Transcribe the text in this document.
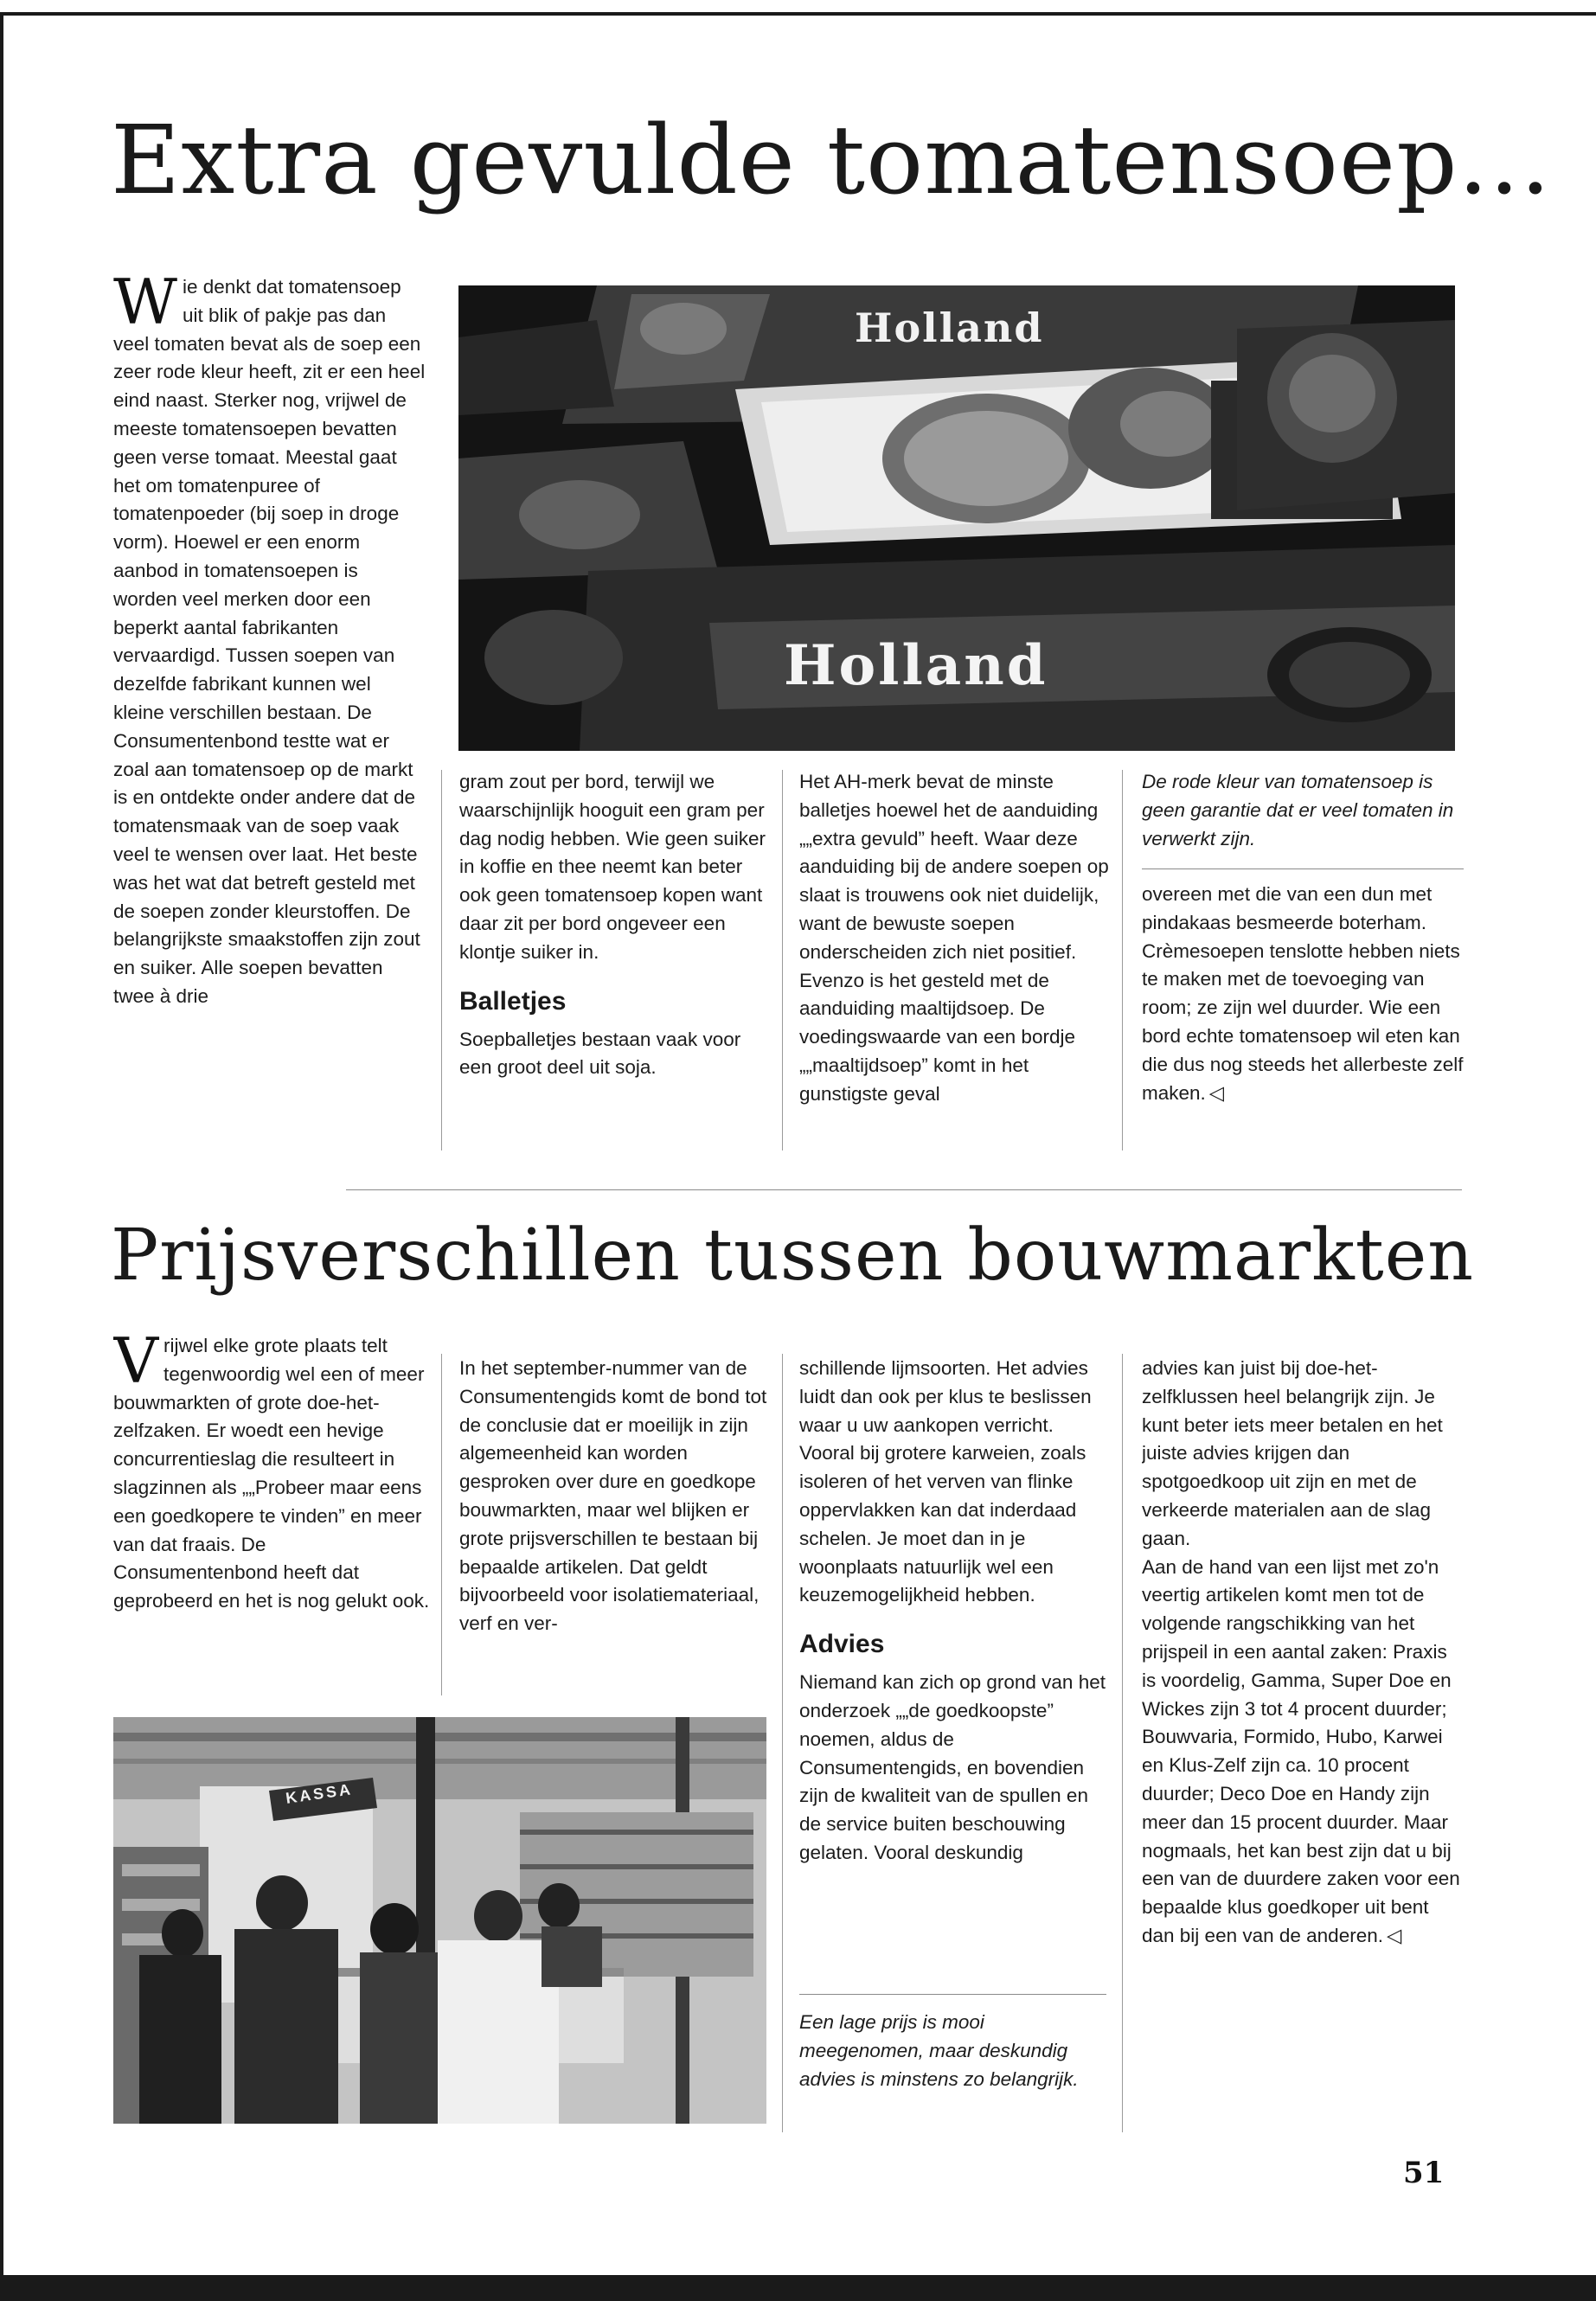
Extra gevulde tomatensoep...
W ie denkt dat tomatensoep uit blik of pakje pas dan veel tomaten bevat als de soep een zeer rode kleur heeft, zit er een heel eind naast. Sterker nog, vrijwel de meeste tomatensoepen bevatten geen verse tomaat. Meestal gaat het om tomatenpuree of tomatenpoeder (bij soep in droge vorm). Hoewel er een enorm aanbod in tomatensoepen is worden veel merken door een beperkt aantal fabrikanten vervaardigd. Tussen soepen van dezelfde fabrikant kunnen wel kleine verschillen bestaan. De Consumentenbond testte wat er zoal aan tomatensoep op de markt is en ontdekte onder andere dat de tomatensmaak van de soep vaak veel te wensen over laat. Het beste was het wat dat betreft gesteld met de soepen zonder kleurstoffen. De belangrijkste smaakstoffen zijn zout en suiker. Alle soepen bevatten twee à drie

Holland
Holland

gram zout per bord, terwijl we waarschijnlijk hooguit een gram per dag nodig hebben. Wie geen suiker in koffie en thee neemt kan beter ook geen tomatensoep kopen want daar zit per bord ongeveer een klontje suiker in.

Balletjes

Soepballetjes bestaan vaak voor een groot deel uit soja.

Het AH-merk bevat de minste balletjes hoewel het de aanduiding „„extra gevuld” heeft. Waar deze aanduiding bij de andere soepen op slaat is trouwens ook niet duidelijk, want de bewuste soepen onderscheiden zich niet positief.

Evenzo is het gesteld met de aanduiding maaltijdsoep. De voedingswaarde van een bordje „„maaltijdsoep” komt in het gunstigste geval

De rode kleur van tomatensoep is geen garantie dat er veel tomaten in verwerkt zijn.

overeen met die van een dun met pindakaas besmeerde boterham. Crèmesoepen tenslotte hebben niets te maken met de toevoeging van room; ze zijn wel duurder. Wie een bord echte tomatensoep wil eten kan die dus nog steeds het allerbeste zelf maken. ◁

Prijsverschillen tussen bouwmarkten
V rijwel elke grote plaats telt tegenwoordig wel een of meer bouwmarkten of grote doe-het-zelfzaken. Er woedt een hevige concurrentieslag die resulteert in slagzinnen als „„Probeer maar eens een goedkopere te vinden” en meer van dat fraais. De Consumentenbond heeft dat geprobeerd en het is nog gelukt ook.

In het september-nummer van de Consumentengids komt de bond tot de conclusie dat er moeilijk in zijn algemeenheid kan worden gesproken over dure en goedkope bouwmarkten, maar wel blijken er grote prijsverschillen te bestaan bij bepaalde artikelen. Dat geldt bijvoorbeeld voor isolatiemateriaal, verf en ver-

KASSA

schillende lijmsoorten. Het advies luidt dan ook per klus te beslissen waar u uw aankopen verricht. Vooral bij grotere karweien, zoals isoleren of het verven van flinke oppervlakken kan dat inderdaad schelen. Je moet dan in je woonplaats natuurlijk wel een keuzemogelijkheid hebben.

Advies

Niemand kan zich op grond van het onderzoek „„de goedkoopste” noemen, aldus de Consumentengids, en bovendien zijn de kwaliteit van de spullen en de service buiten beschouwing gelaten. Vooral deskundig

Een lage prijs is mooi meegenomen, maar deskundig advies is minstens zo belangrijk.

advies kan juist bij doe-het-zelfklussen heel belangrijk zijn. Je kunt beter iets meer betalen en het juiste advies krijgen dan spotgoedkoop uit zijn en met de verkeerde materialen aan de slag gaan.

Aan de hand van een lijst met zo'n veertig artikelen komt men tot de volgende rangschikking van het prijspeil in een aantal zaken: Praxis is voordelig, Gamma, Super Doe en Wickes zijn 3 tot 4 procent duurder; Bouwvaria, Formido, Hubo, Karwei en Klus-Zelf zijn ca. 10 procent duurder; Deco Doe en Handy zijn meer dan 15 procent duurder. Maar nogmaals, het kan best zijn dat u bij een van de duurdere zaken voor een bepaalde klus goedkoper uit bent dan bij een van de anderen. ◁

51
